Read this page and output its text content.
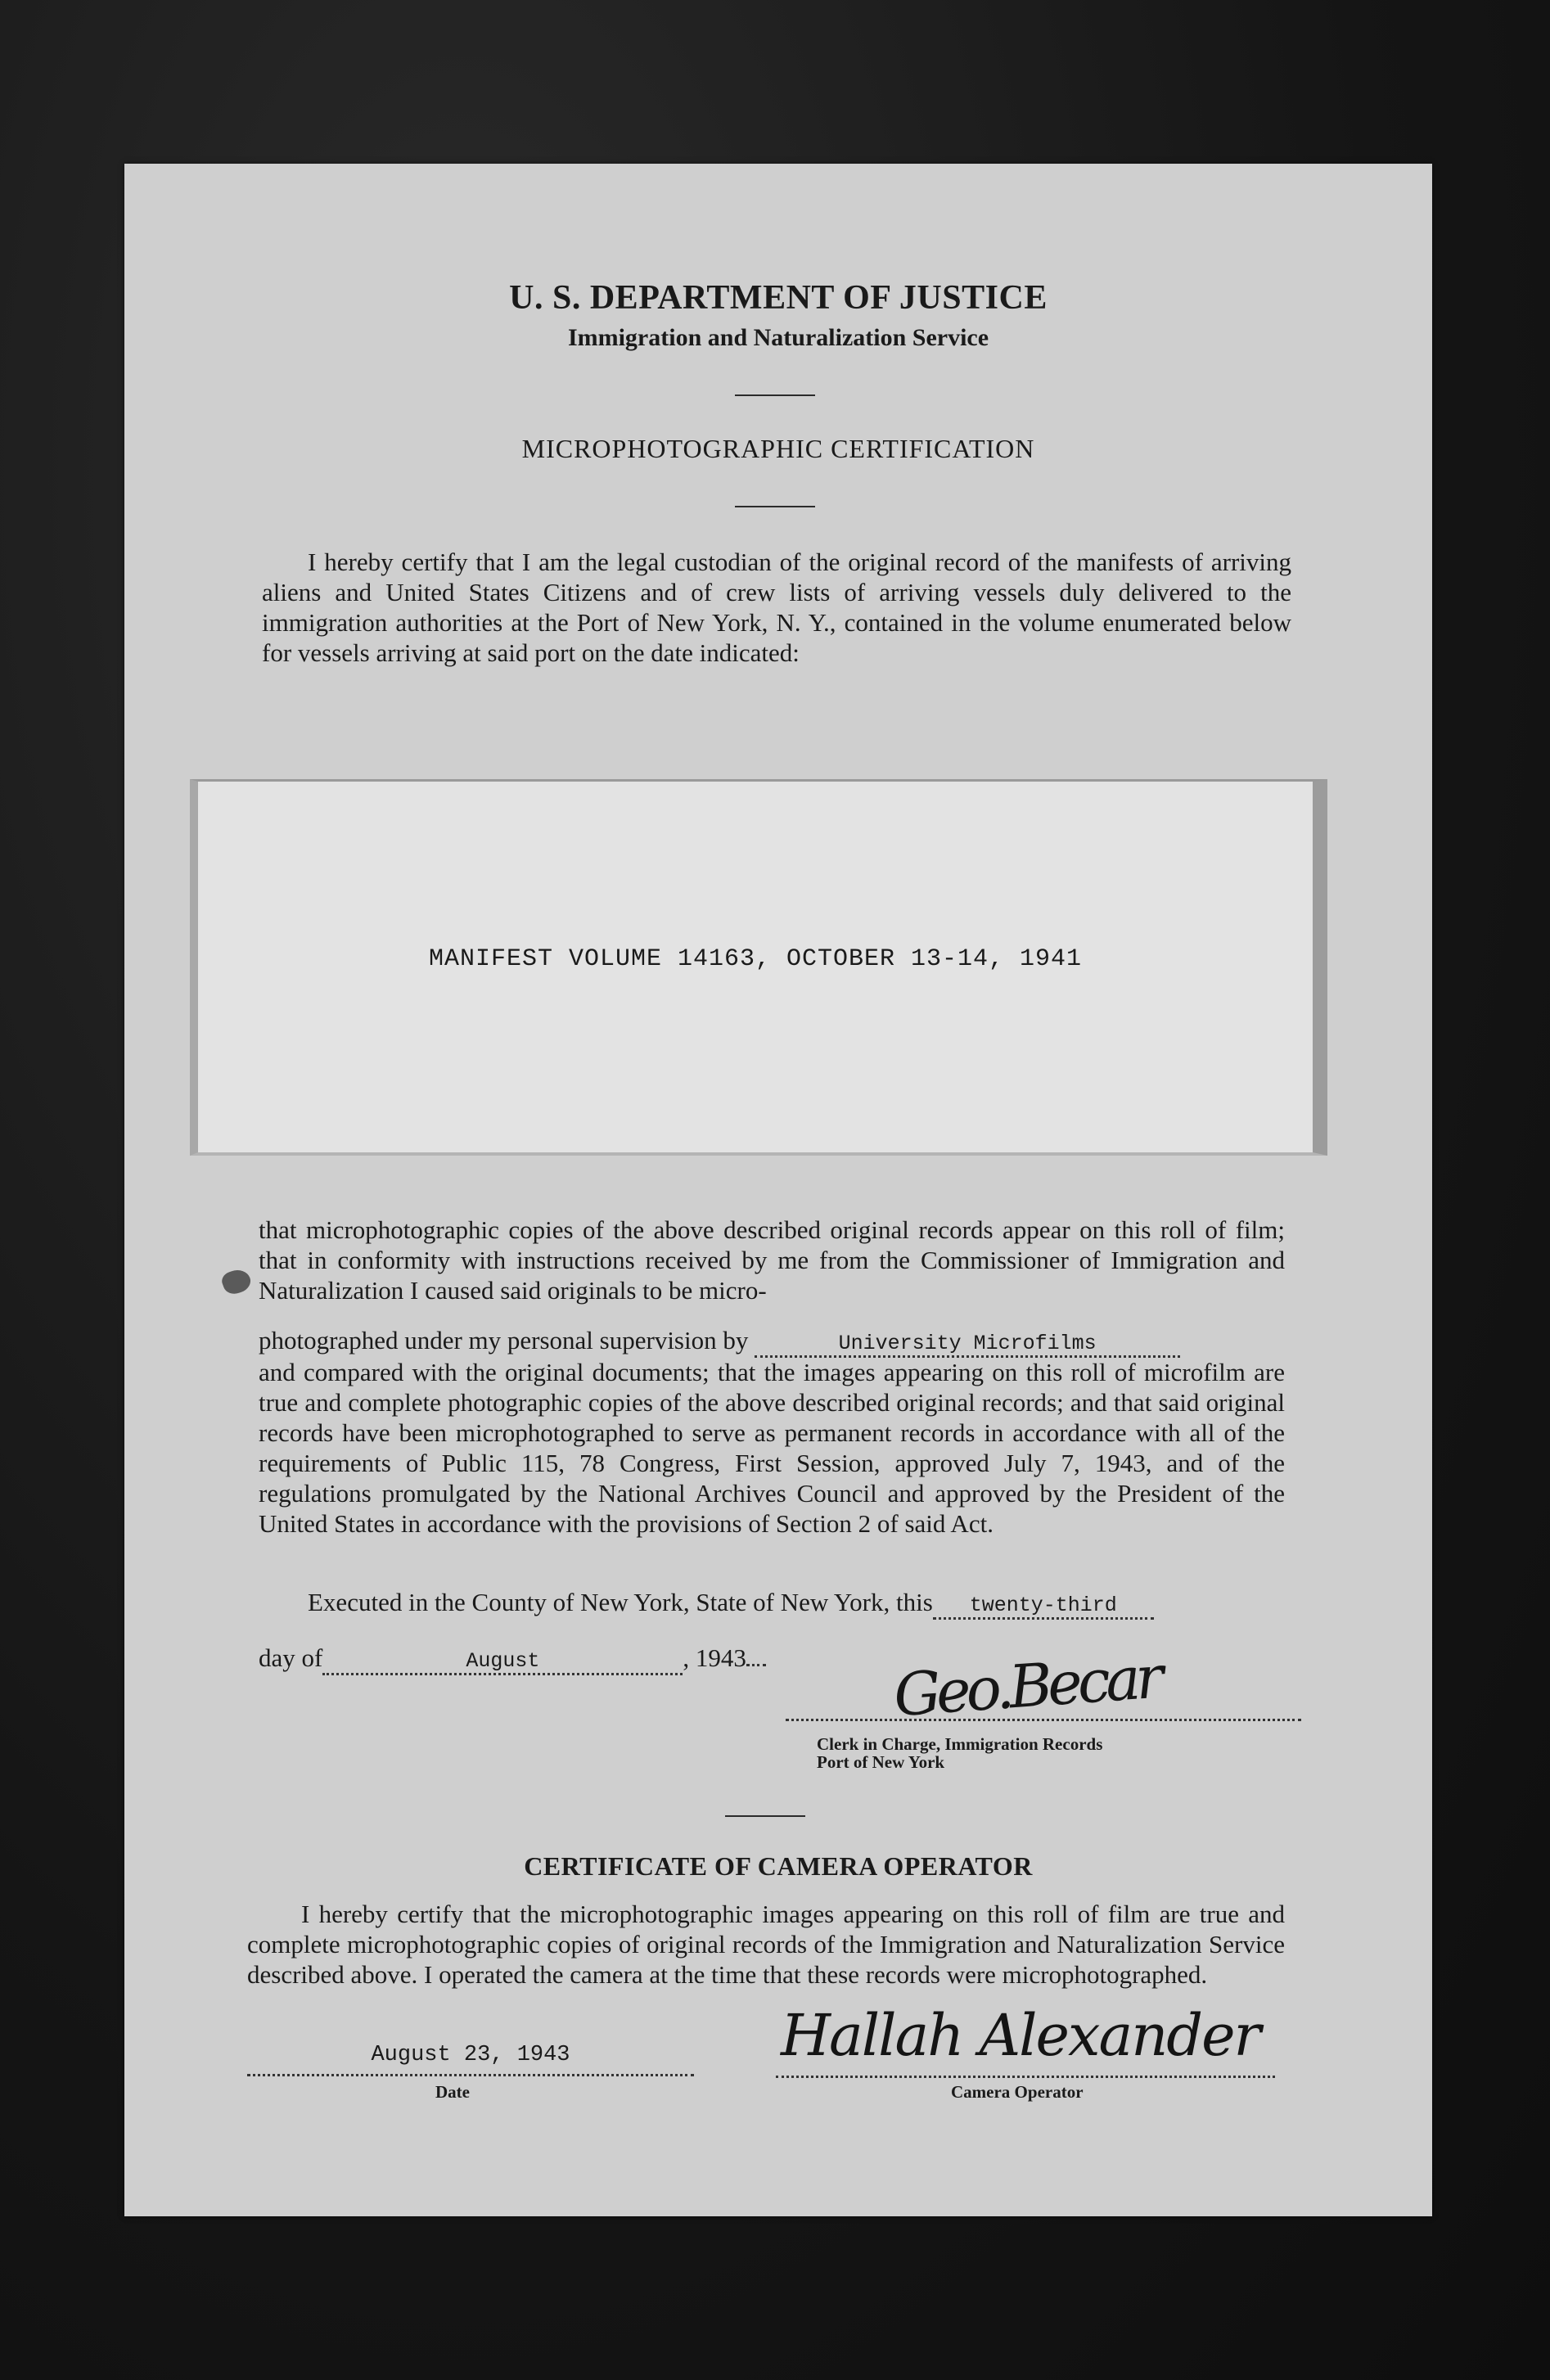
U. S. DEPARTMENT OF JUSTICE
Immigration and Naturalization Service
MICROPHOTOGRAPHIC CERTIFICATION
I hereby certify that I am the legal custodian of the original record of the manifests of arriving aliens and United States Citizens and of crew lists of arriving vessels duly delivered to the immigration authorities at the Port of New York, N. Y., contained in the volume enumerated below for vessels arriving at said port on the date indicated:
MANIFEST VOLUME 14163, OCTOBER 13-14, 1941
that microphotographic copies of the above described original records appear on this roll of film; that in conformity with instructions received by me from the Commissioner of Immigration and Naturalization I caused said originals to be micro-
photographed under my personal supervision by	University Microfilms
and compared with the original documents; that the images appearing on this roll of microfilm are true and complete photographic copies of the above described original records; and that said original records have been microphotographed to serve as permanent records in accordance with all of the requirements of Public 115, 78 Congress, First Session, approved July 7, 1943, and of the regulations promulgated by the National Archives Council and approved by the President of the United States in accordance with the provisions of Section 2 of said Act.
Executed in the County of New York, State of New York, this twenty-third
day of	August	, 1943	Geo.Becar
Clerk in Charge, Immigration Records
Port of New York
CERTIFICATE OF CAMERA OPERATOR
I hereby certify that the microphotographic images appearing on this roll of film are true and complete microphotographic copies of original records of the Immigration and Naturalization Service described above. I operated the camera at the time that these records were microphotographed.
August 23, 1943
Date
Hallah Alexander
Camera Operator
